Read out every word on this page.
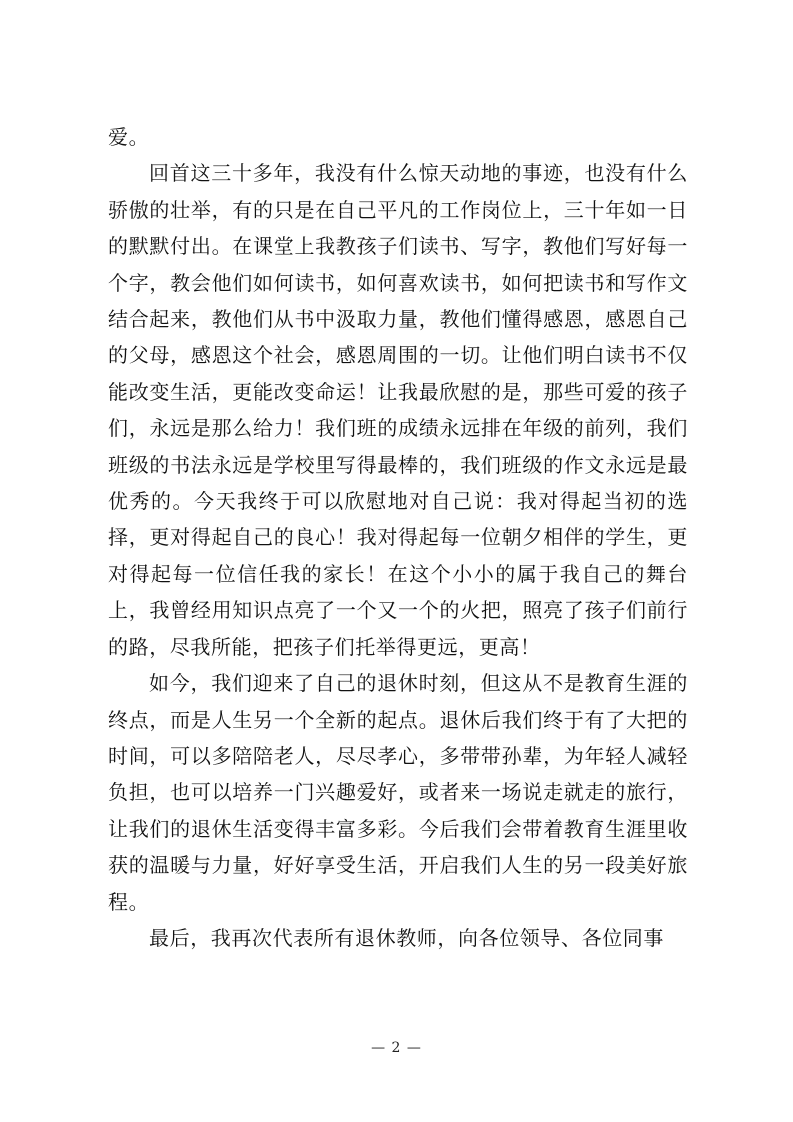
爱。

回首这三十多年，我没有什么惊天动地的事迹，也没有什么骄傲的壮举，有的只是在自己平凡的工作岗位上，三十年如一日的默默付出。在课堂上我教孩子们读书、写字，教他们写好每一个字，教会他们如何读书，如何喜欢读书，如何把读书和写作文结合起来，教他们从书中汲取力量，教他们懂得感恩，感恩自己的父母，感恩这个社会，感恩周围的一切。让他们明白读书不仅能改变生活，更能改变命运！让我最欣慰的是，那些可爱的孩子们，永远是那么给力！我们班的成绩永远排在年级的前列，我们班级的书法永远是学校里写得最棒的，我们班级的作文永远是最优秀的。今天我终于可以欣慰地对自己说：我对得起当初的选择，更对得起自己的良心！我对得起每一位朝夕相伴的学生，更对得起每一位信任我的家长！在这个小小的属于我自己的舞台上，我曾经用知识点亮了一个又一个的火把，照亮了孩子们前行的路，尽我所能，把孩子们托举得更远，更高！

如今，我们迎来了自己的退休时刻，但这从不是教育生涯的终点，而是人生另一个全新的起点。退休后我们终于有了大把的时间，可以多陪陪老人，尽尽孝心，多带带孙辈，为年轻人减轻负担，也可以培养一门兴趣爱好，或者来一场说走就走的旅行，让我们的退休生活变得丰富多彩。今后我们会带着教育生涯里收获的温暖与力量，好好享受生活，开启我们人生的另一段美好旅程。

最后，我再次代表所有退休教师，向各位领导、各位同事

— 2 —
